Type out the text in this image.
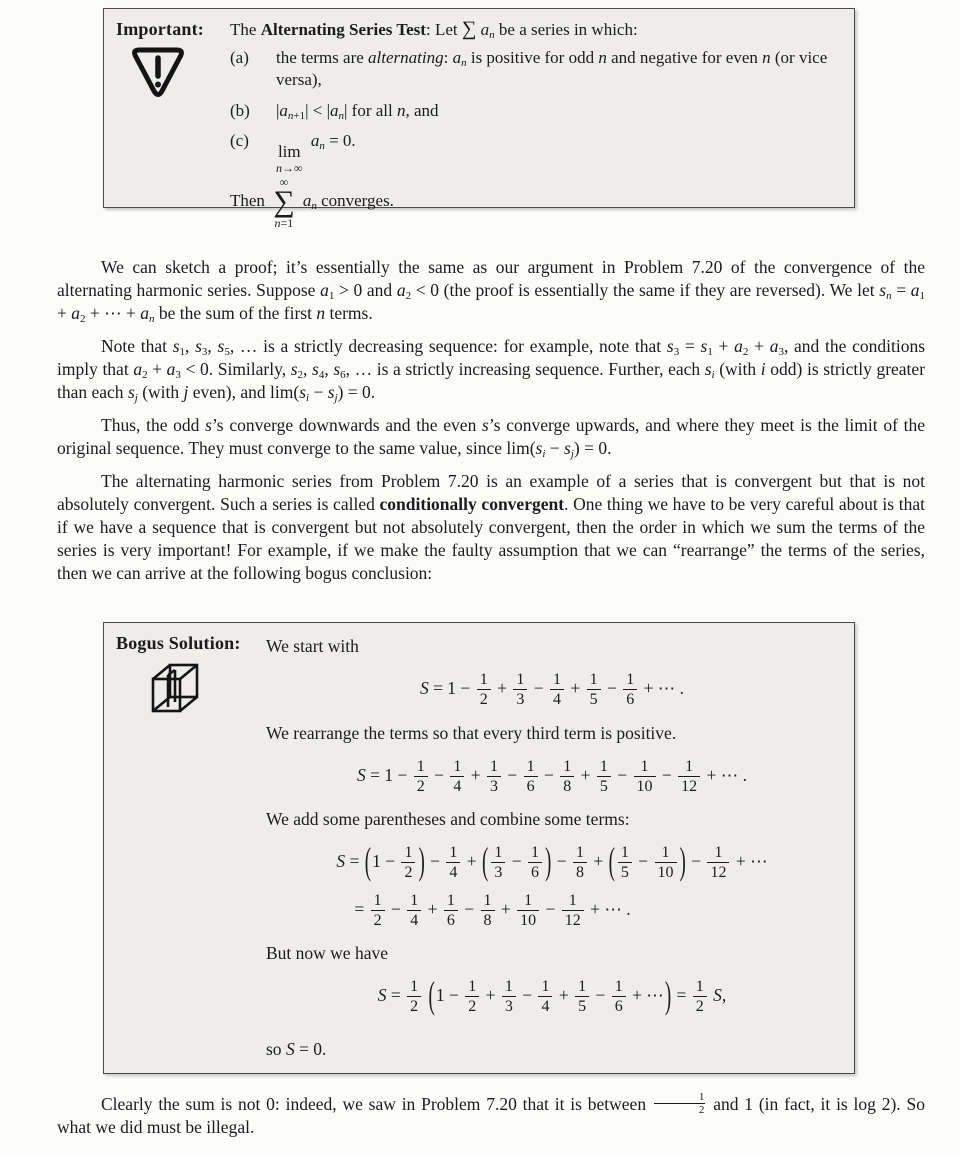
Important: The Alternating Series Test: Let ∑ $a_n$ be a series in which:
(a)	the terms are alternating: $a_n$ is positive for odd n and negative for even n (or vice versa),
(b)	$|a_{n+1}| < |a_n|$ for all n, and
(c)
lim
n→∞
$a_n = 0$.
Then
∞
∑
n=1
$a_n$ converges.

We can sketch a proof; it’s essentially the same as our argument in Problem 7.20 of the convergence of the alternating harmonic series. Suppose $a_1 > 0$ and $a_2 < 0$ (the proof is essentially the same if they are reversed). We let $s_n = a_1 + a_2$ + ⋯ + $a_n$ be the sum of the first n terms.

Note that $s_1$, $s_3$, $s_5$, … is a strictly decreasing sequence: for example, note that $s_3 = s_1 + a_2 + a_3$, and the conditions imply that $a_2 + a_3 < 0$. Similarly, $s_2$, $s_4$, $s_6$, … is a strictly increasing sequence. Further, each $s_i$ (with i odd) is strictly greater than each $s_j$ (with j even), and $\lim(s_i - s_j) = 0$.

Thus, the odd s’s converge downwards and the even s’s converge upwards, and where they meet is the limit of the original sequence. They must converge to the same value, since $\lim(s_i - s_j) = 0$.

The alternating harmonic series from Problem 7.20 is an example of a series that is convergent but that is not absolutely convergent. Such a series is called conditionally convergent. One thing we have to be very careful about is that if we have a sequence that is convergent but not absolutely convergent, then the order in which we sum the terms of the series is very important! For example, if we make the faulty assumption that we can “rearrange” the terms of the series, then we can arrive at the following bogus conclusion:

Bogus Solution: We start with
$S = 1 - \frac{1}{2} + \frac{1}{3} - \frac{1}{4} + \frac{1}{5} - \frac{1}{6}$ + ⋯ .
We rearrange the terms so that every third term is positive.
$S = 1 - \frac{1}{2} - \frac{1}{4} + \frac{1}{3} - \frac{1}{6} - \frac{1}{8} + \frac{1}{5} - \frac{1}{10} - \frac{1}{12}$ + ⋯ .
We add some parentheses and combine some terms:
$S = (1 - \frac{1}{2}$ ) − $\frac{1}{4}$ + ( $\frac{1}{3} - \frac{1}{6}$ ) − $\frac{1}{8}$ + ( $\frac{1}{5} - \frac{1}{10}$ ) − $\frac{1}{12}$ + ⋯
= $\frac{1}{2} - \frac{1}{4} + \frac{1}{6} - \frac{1}{8} + \frac{1}{10} - \frac{1}{12}$ + ⋯ .
But now we have
$S = \frac{1}{2} (1 - \frac{1}{2} + \frac{1}{3} - \frac{1}{4} + \frac{1}{5} - \frac{1}{6}$ + ⋯) = $\frac{1}{2} S$,
so S = 0.

Clearly the sum is not 0: indeed, we saw in Problem 7.20 that it is between $\frac{1}{2}$ and 1 (in fact, it is log 2). So what we did must be illegal.
